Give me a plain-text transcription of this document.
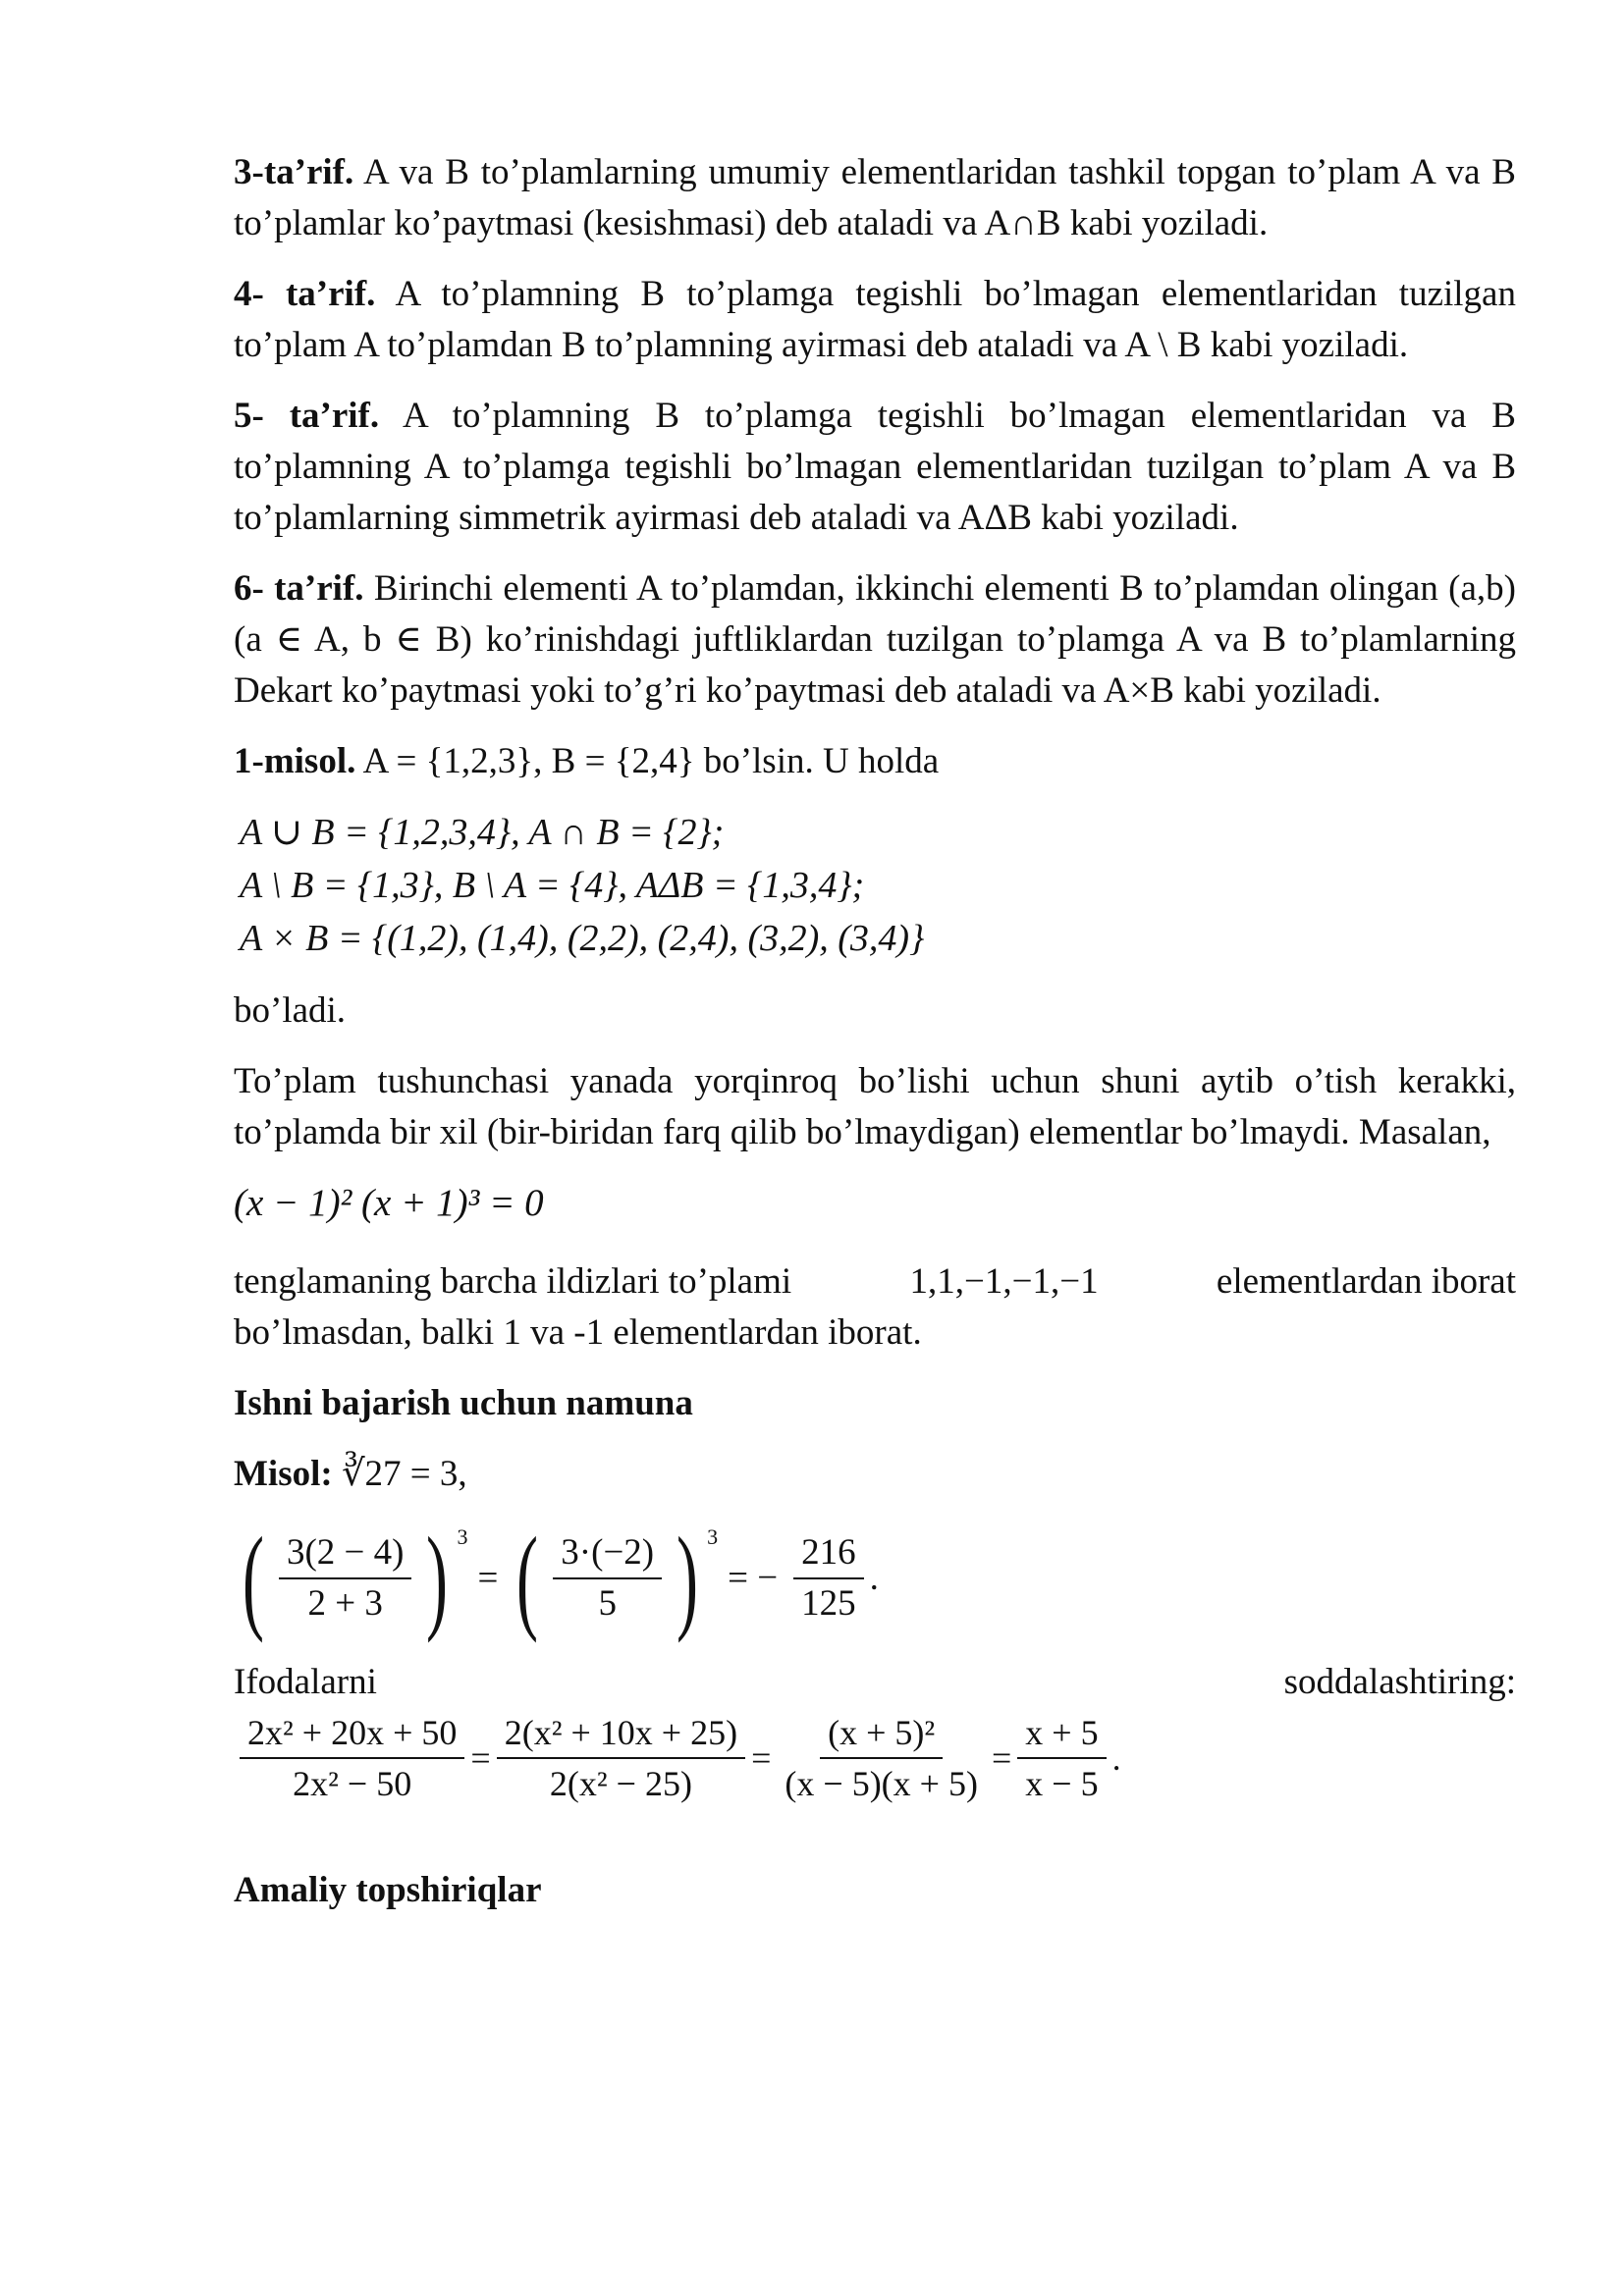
3-ta’rif. A va B to’plamlarning umumiy elementlaridan tashkil topgan to’plam A va B to’plamlar ko’paytmasi (kesishmasi) deb ataladi va A∩B kabi yoziladi.

4- ta’rif. A to’plamning B to’plamga tegishli bo’lmagan elementlaridan tuzilgan to’plam A to’plamdan B to’plamning ayirmasi deb ataladi va A \ B kabi yoziladi.

5- ta’rif. A to’plamning B to’plamga tegishli bo’lmagan elementlaridan va B to’plamning A to’plamga tegishli bo’lmagan elementlaridan tuzilgan to’plam A va B to’plamlarning simmetrik ayirmasi deb ataladi va AΔB kabi yoziladi.

6- ta’rif. Birinchi elementi A to’plamdan, ikkinchi elementi B to’plamdan olingan (a,b) (a ∈ A, b ∈ B) ko’rinishdagi juftliklardan tuzilgan to’plamga A va B to’plamlarning Dekart ko’paytmasi yoki to’g’ri ko’paytmasi deb ataladi va A×B kabi yoziladi.

1-misol. A = {1,2,3}, B = {2,4} bo’lsin. U holda

A ∪ B = {1,2,3,4}, A ∩ B = {2};
A \ B = {1,3}, B \ A = {4}, AΔB = {1,3,4};
A × B = {(1,2), (1,4), (2,2), (2,4), (3,2), (3,4)}

bo’ladi.

To’plam tushunchasi yanada yorqinroq bo’lishi uchun shuni aytib o’tish kerakki, to’plamda bir xil (bir-biridan farq qilib bo’lmaydigan) elementlar bo’lmaydi. Masalan,

(x − 1)² (x + 1)³ = 0

tenglamaning barcha ildizlari to’plami	1,1,−1,−1,−1	elementlardan iborat

bo’lmasdan, balki 1 va -1 elementlardan iborat.

Ishni bajarish uchun namuna

Misol: ∛27 = 3,

( $\frac{3(2 - 4)}{2 + 3}$ ) 3
= ( $\frac{3\cdot(-2)}{5}$ ) 3
= − $\frac{216}{125}$ .
Ifodalarni	soddalashtiring:
$\frac{\text{2x² + 20x + 50}}{\text{2x² − 50}} = \frac{\text{2(x² + 10x + 25)}}{\text{2(x² − 25)}} = \frac{\text{(x + 5)²}}{(x - 5)(x + 5)} = \frac{x + 5}{x - 5}$ .

Amaliy topshiriqlar
